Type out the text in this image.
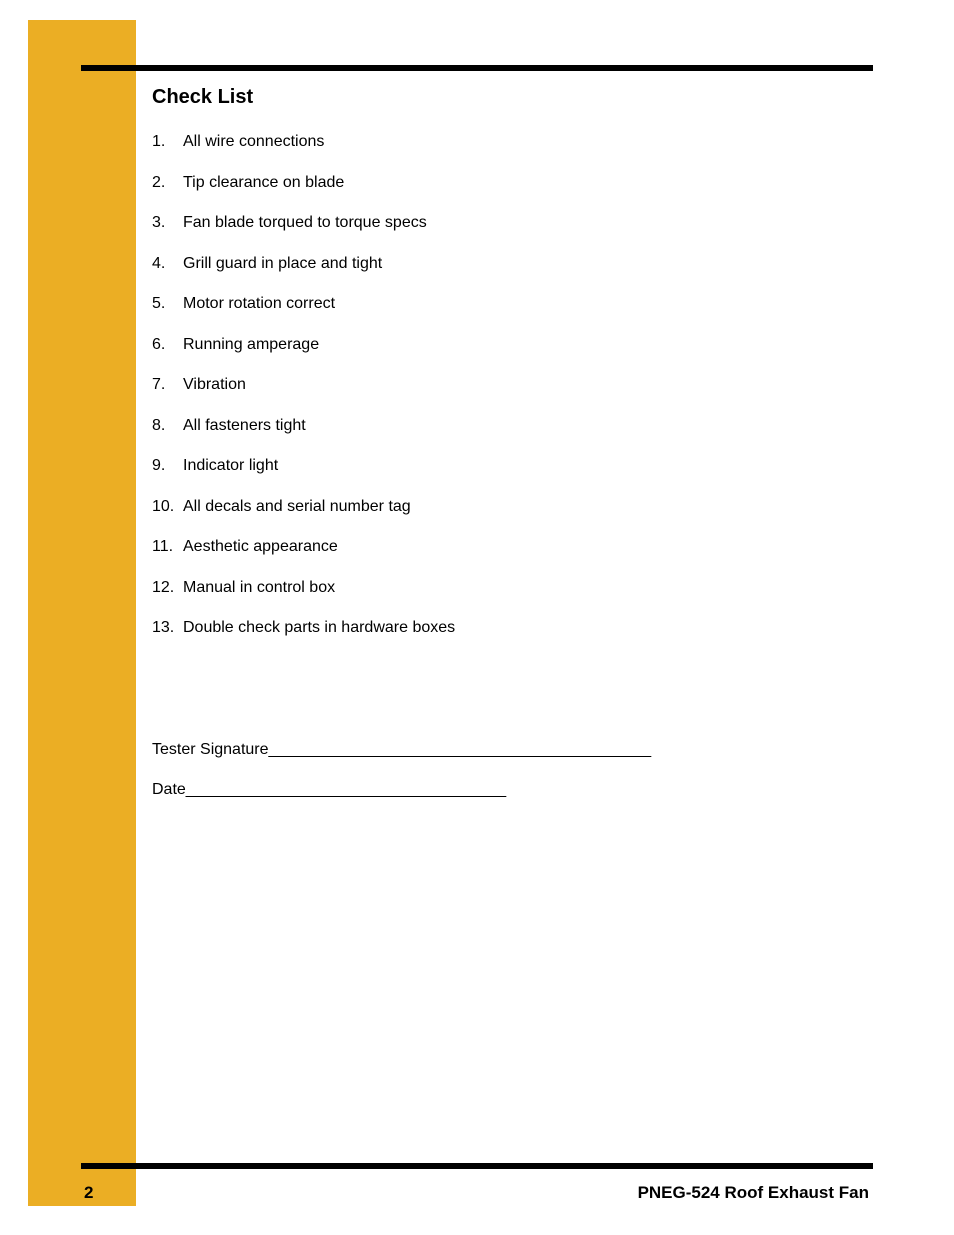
Check List
1.	All wire connections
2.	Tip clearance on blade
3.	Fan blade torqued to torque specs
4.	Grill guard in place and tight
5.	Motor rotation correct
6.	Running amperage
7.	Vibration
8.	All fasteners tight
9.	Indicator light
10. All decals and serial number tag
11. Aesthetic appearance
12. Manual in control box
13. Double check parts in hardware boxes
Tester Signature___________________________________________
Date____________________________________
2	PNEG-524 Roof Exhaust Fan
